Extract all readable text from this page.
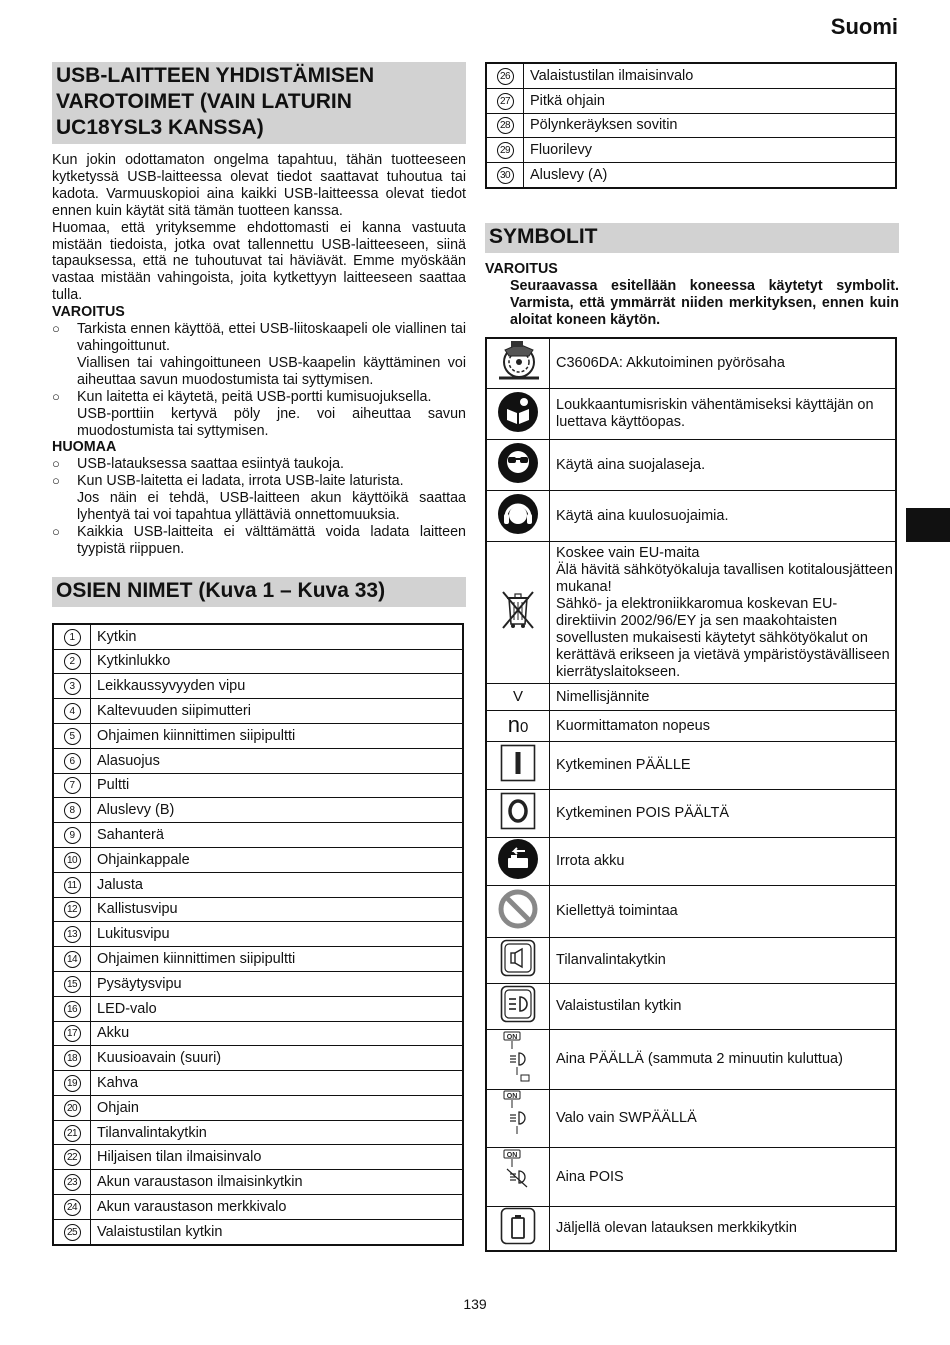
Suomi
USB-LAITTEEN YHDISTÄMISEN VAROTOIMET (VAIN LATURIN UC18YSL3 KANSSA)

Kun jokin odottamaton ongelma tapahtuu, tähän tuotteeseen kytketyssä USB-laitteessa olevat tiedot saattavat tuhoutua tai kadota. Varmuuskopioi aina kaikki USB-laitteessa olevat tiedot ennen kuin käytät sitä tämän tuotteen kanssa.

Huomaa, että yrityksemme ehdottomasti ei kanna vastuuta mistään tiedoista, jotka ovat tallennettu USB-laitteeseen, siinä tapauksessa, että ne tuhoutuvat tai häviävät. Emme myöskään vastaa mistään vahingoista, joita kytkettyyn laitteeseen saattaa tulla.

VAROITUS

○	Tarkista ennen käyttöä, ettei USB-liitoskaapeli ole viallinen tai vahingoittunut.
Viallisen tai vahingoittuneen USB-kaapelin käyttäminen voi aiheuttaa savun muodostumista tai syttymisen.
○	Kun laitetta ei käytetä, peitä USB-portti kumisuojuksella.
USB-porttiin kertyvä pöly jne. voi aiheuttaa savun muodostumista tai syttymisen.

HUOMAA

○	USB-latauksessa saattaa esiintyä taukoja.
○	Kun USB-laitetta ei ladata, irrota USB-laite laturista.
Jos näin ei tehdä, USB-laitteen akun käyttöikä saattaa lyhentyä tai voi tapahtua yllättäviä onnettomuuksia.
○	Kaikkia USB-laitteita ei välttämättä voida ladata laitteen tyypistä riippuen.
OSIEN NIMET (Kuva 1 – Kuva 33)
1	Kytkin
2	Kytkinlukko
3	Leikkaussyvyyden vipu
4	Kaltevuuden siipimutteri
5	Ohjaimen kiinnittimen siipipultti
6	Alasuojus
7	Pultti
8	Aluslevy (B)
9	Sahanterä
10	Ohjainkappale
11	Jalusta
12	Kallistusvipu
13	Lukitusvipu
14	Ohjaimen kiinnittimen siipipultti
15	Pysäytysvipu
16	LED-valo
17	Akku
18	Kuusioavain (suuri)
19	Kahva
20	Ohjain
21	Tilanvalintakytkin
22	Hiljaisen tilan ilmaisinvalo
23	Akun varaustason ilmaisinkytkin
24	Akun varaustason merkkivalo
25	Valaistustilan kytkin
26	Valaistustilan ilmaisinvalo
27	Pitkä ohjain
28	Pölynkeräyksen sovitin
29	Fluorilevy
30	Aluslevy (A)
SYMBOLIT

VAROITUS

Seuraavassa esitellään koneessa käytetyt symbolit. Varmista, että ymmärrät niiden merkityksen, ennen kuin aloitat koneen käytön.

	C3606DA: Akkutoiminen pyörösaha

	Loukkaantumisriskin vähentämiseksi käyttäjän on luettava käyttöopas.

	Käytä aina suojalaseja.

	Käytä aina kuulosuojaimia.

Koskee vain EU-maita
Älä hävitä sähkötyökaluja tavallisen kotitalousjätteen mukana!
Sähkö- ja elektroniikkaromua koskevan EU-direktiivin 2002/96/EY ja sen maakohtaisten sovellusten mukaisesti käytetyt sähkötyökalut on kerättävä erikseen ja vietävä ympäristöystävälliseen kierrätyslaitokseen.

V	Nimellisjännite
n0	Kuormittamaton nopeus

	Kytkeminen PÄÄLLE

	Kytkeminen POIS PÄÄLTÄ

	Irrota akku

	Kiellettyä toimintaa

	Tilanvalintakytkin

	Valaistustilan kytkin

ON	Aina PÄÄLLÄ (sammuta 2 minuutin kuluttua)

ON	Valo vain SWPÄÄLLÄ

ON	Aina POIS

	Jäljellä olevan latauksen merkkikytkin
139
